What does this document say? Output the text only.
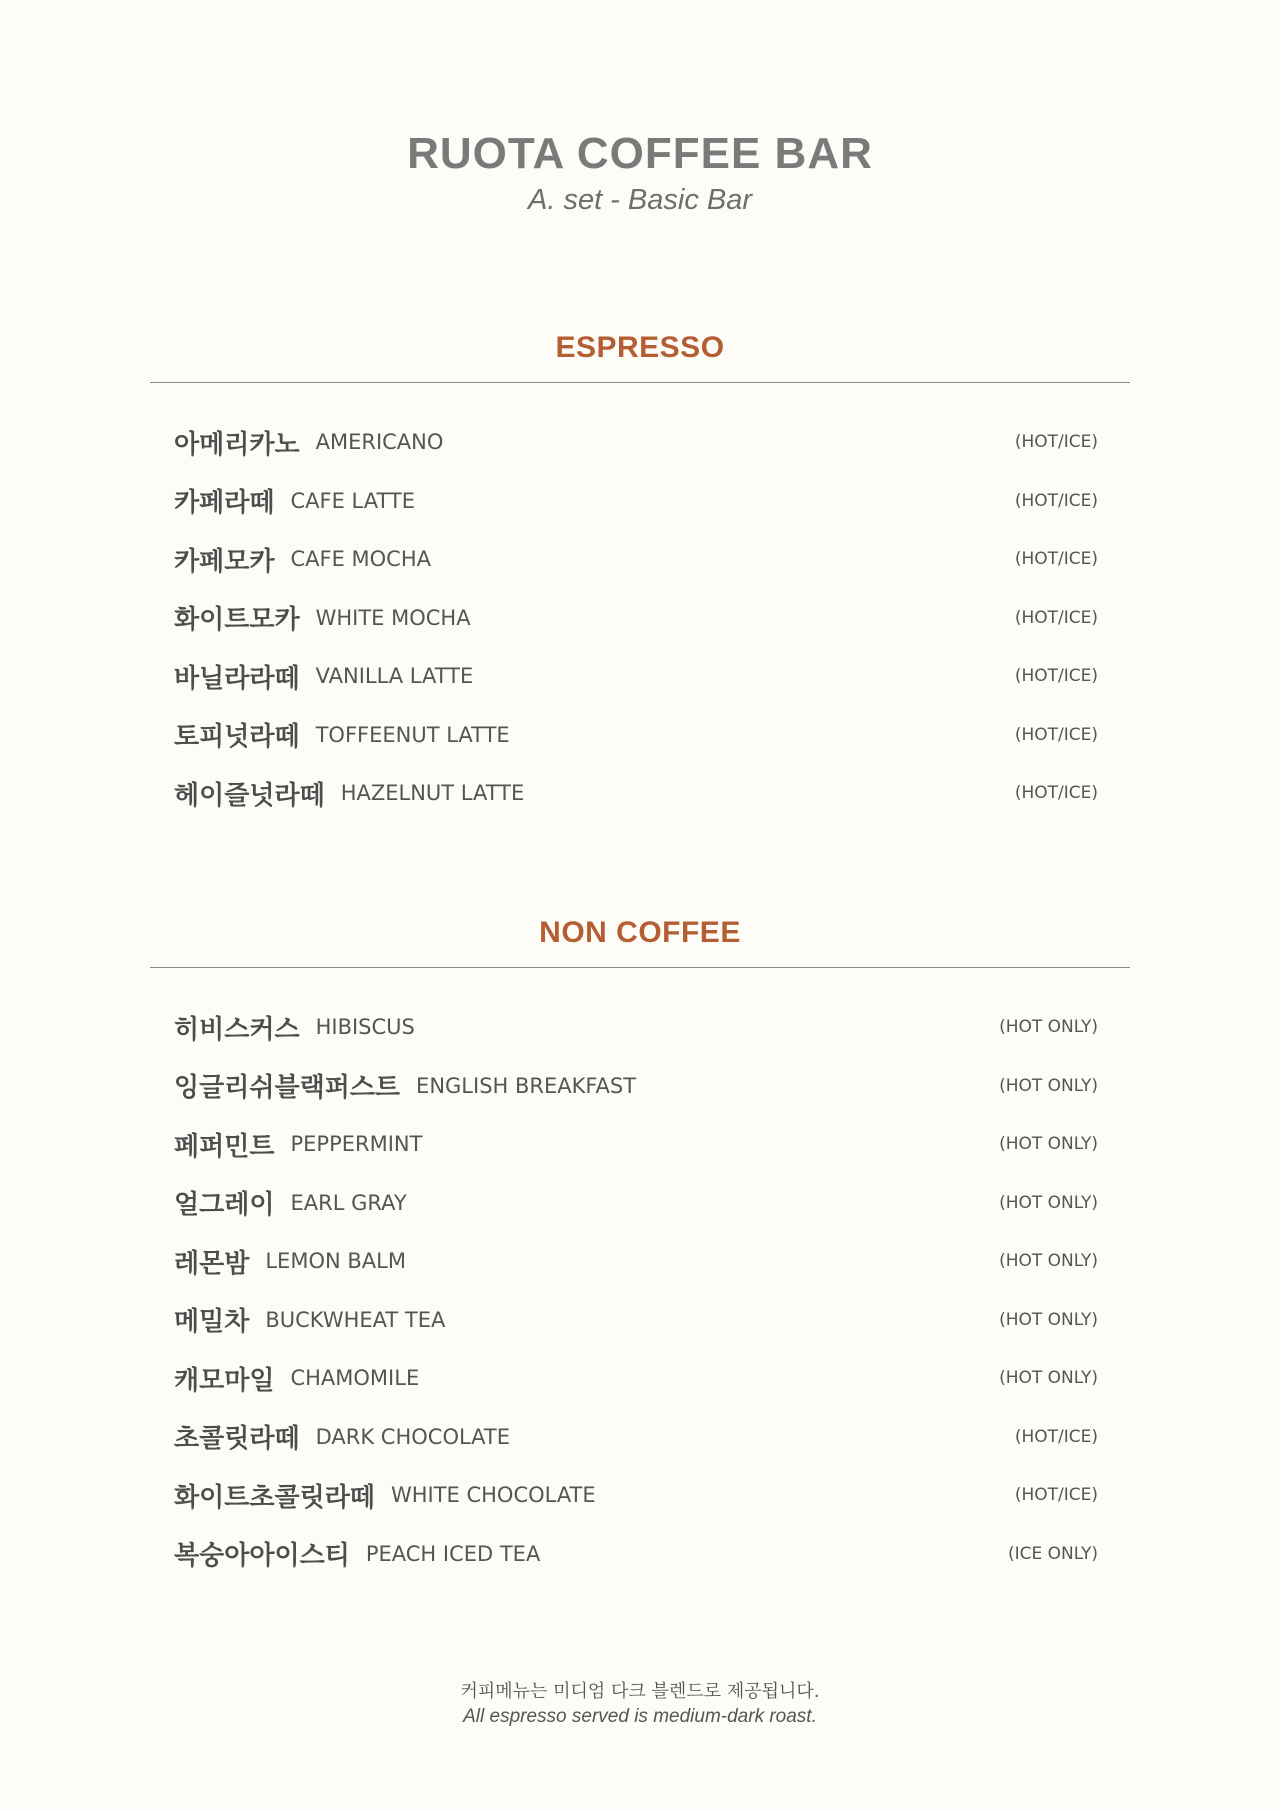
RUOTA COFFEE BAR
A. set - Basic Bar
ESPRESSO
아메리카노 AMERICANO	(HOT/ICE)
카페라떼 CAFE LATTE	(HOT/ICE)
카페모카 CAFE MOCHA	(HOT/ICE)
화이트모카 WHITE MOCHA	(HOT/ICE)
바닐라라떼 VANILLA LATTE	(HOT/ICE)
토피넛라떼 TOFFEENUT LATTE	(HOT/ICE)
헤이즐넛라떼 HAZELNUT LATTE	(HOT/ICE)
NON COFFEE
히비스커스 HIBISCUS	(HOT ONLY)
잉글리쉬블랙퍼스트 ENGLISH BREAKFAST	(HOT ONLY)
페퍼민트 PEPPERMINT	(HOT ONLY)
얼그레이 EARL GRAY	(HOT ONLY)
레몬밤 LEMON BALM	(HOT ONLY)
메밀차 BUCKWHEAT TEA	(HOT ONLY)
캐모마일 CHAMOMILE	(HOT ONLY)
초콜릿라떼 DARK CHOCOLATE	(HOT/ICE)
화이트초콜릿라떼 WHITE CHOCOLATE	(HOT/ICE)
복숭아아이스티 PEACH ICED TEA	(ICE ONLY)
커피메뉴는 미디엄 다크 블렌드로 제공됩니다.
All espresso served is medium-dark roast.
